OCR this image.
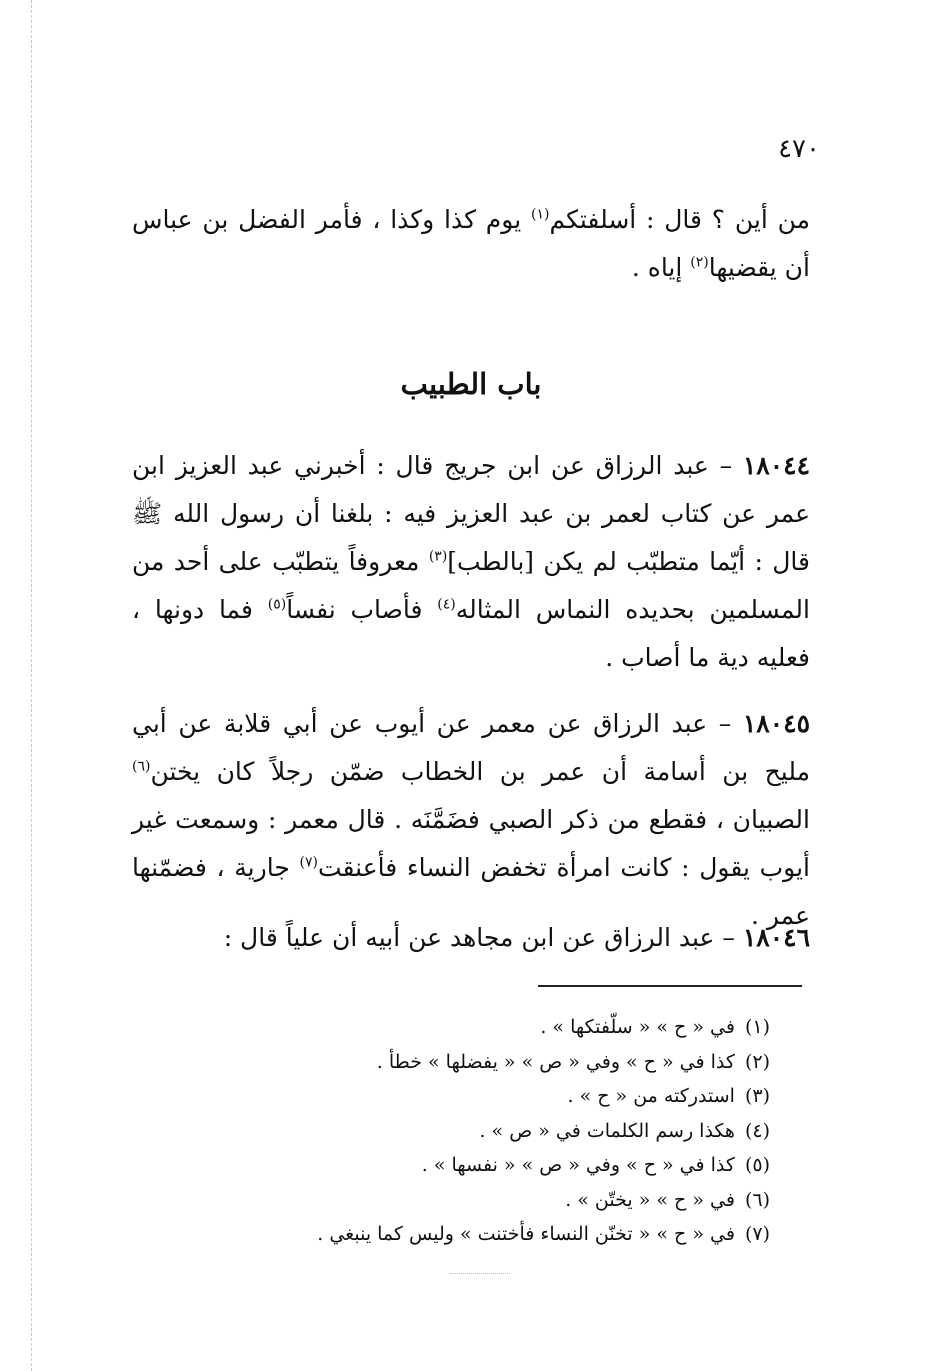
٤٧٠

من أين ؟ قال : أسلفتكم$^{(١)}$ يوم كذا وكذا ، فأمر الفضل بن عباس أن يقضيها$^{(٢)}$ إياه .

باب الطبيب

١٨٠٤٤ – عبد الرزاق عن ابن جريج قال : أخبرني عبد العزيز ابن عمر عن كتاب لعمر بن عبد العزيز فيه : بلغنا أن رسول الله ﷺ قال : أيّما متطبّب لم يكن [بالطب]$^{(٣)}$ معروفاً يتطبّب على أحد من المسلمين بحديده النماس المثاله$^{(٤)}$ فأصاب نفساً$^{(٥)}$ فما دونها ، فعليه دية ما أصاب .

١٨٠٤٥ – عبد الرزاق عن معمر عن أيوب عن أبي قلابة عن أبي مليح بن أسامة أن عمر بن الخطاب ضمّن رجلاً كان يختن$^{(٦)}$ الصبيان ، فقطع من ذكر الصبي فضَمَّنَه . قال معمر : وسمعت غير أيوب يقول : كانت امرأة تخفض النساء فأعنقت$^{(٧)}$ جارية ، فضمّنها عمر .

١٨٠٤٦ – عبد الرزاق عن ابن مجاهد عن أبيه أن علياً قال :

(١)في « ح » « سلّفتكها » .
(٢)كذا في « ح » وفي « ص » « يفضلها » خطأ .
(٣)استدركته من « ح » .
(٤)هكذا رسم الكلمات في « ص » .
(٥)كذا في « ح » وفي « ص » « نفسها » .
(٦)في « ح » « يختّن » .
(٧)في « ح » « تخنّن النساء فأختنت » وليس كما ينبغي .
